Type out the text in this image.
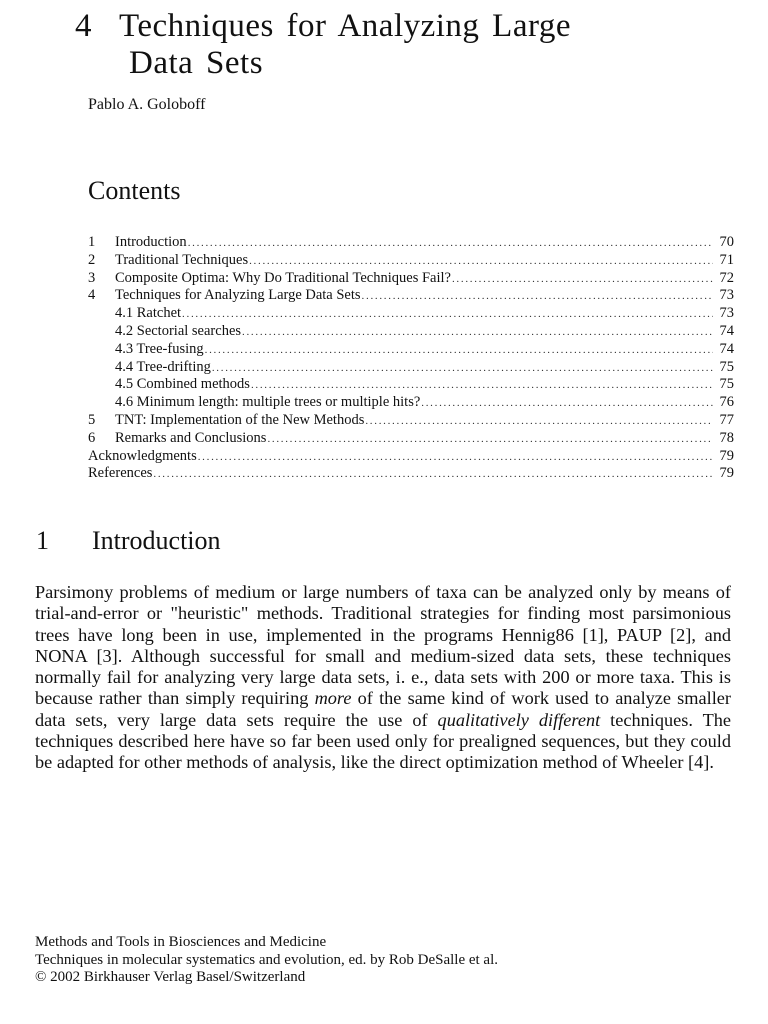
4 Techniques for Analyzing Large
Data Sets
Pablo A. Goloboff
Contents
1	Introduction .....	70
2	Traditional Techniques .....	71
3	Composite Optima: Why Do Traditional Techniques Fail? .....	72
4	Techniques for Analyzing Large Data Sets .....	73
4.1 Ratchet .....	73
4.2 Sectorial searches .....	74
4.3 Tree-fusing .....	74
4.4 Tree-drifting .....	75
4.5 Combined methods .....	75
4.6 Minimum length: multiple trees or multiple hits? .....	76
5	TNT: Implementation of the New Methods .....	77
6	Remarks and Conclusions .....	78
Acknowledgments .....	79
References .....	79
1 Introduction

Parsimony problems of medium or large numbers of taxa can be analyzed only by means of trial-and-error or "heuristic" methods. Traditional strategies for finding most parsimonious trees have long been in use, implemented in the programs Hennig86 [1], PAUP [2], and NONA [3]. Although successful for small and medium-sized data sets, these techniques normally fail for analyzing very large data sets, i. e., data sets with 200 or more taxa. This is because rather than simply requiring more of the same kind of work used to analyze smaller data sets, very large data sets require the use of qualitatively different techniques. The techniques described here have so far been used only for prealigned sequences, but they could be adapted for other methods of analysis, like the direct optimization method of Wheeler [4].

Methods and Tools in Biosciences and Medicine
Techniques in molecular systematics and evolution, ed. by Rob DeSalle et al.
© 2002 Birkhauser Verlag Basel/Switzerland
